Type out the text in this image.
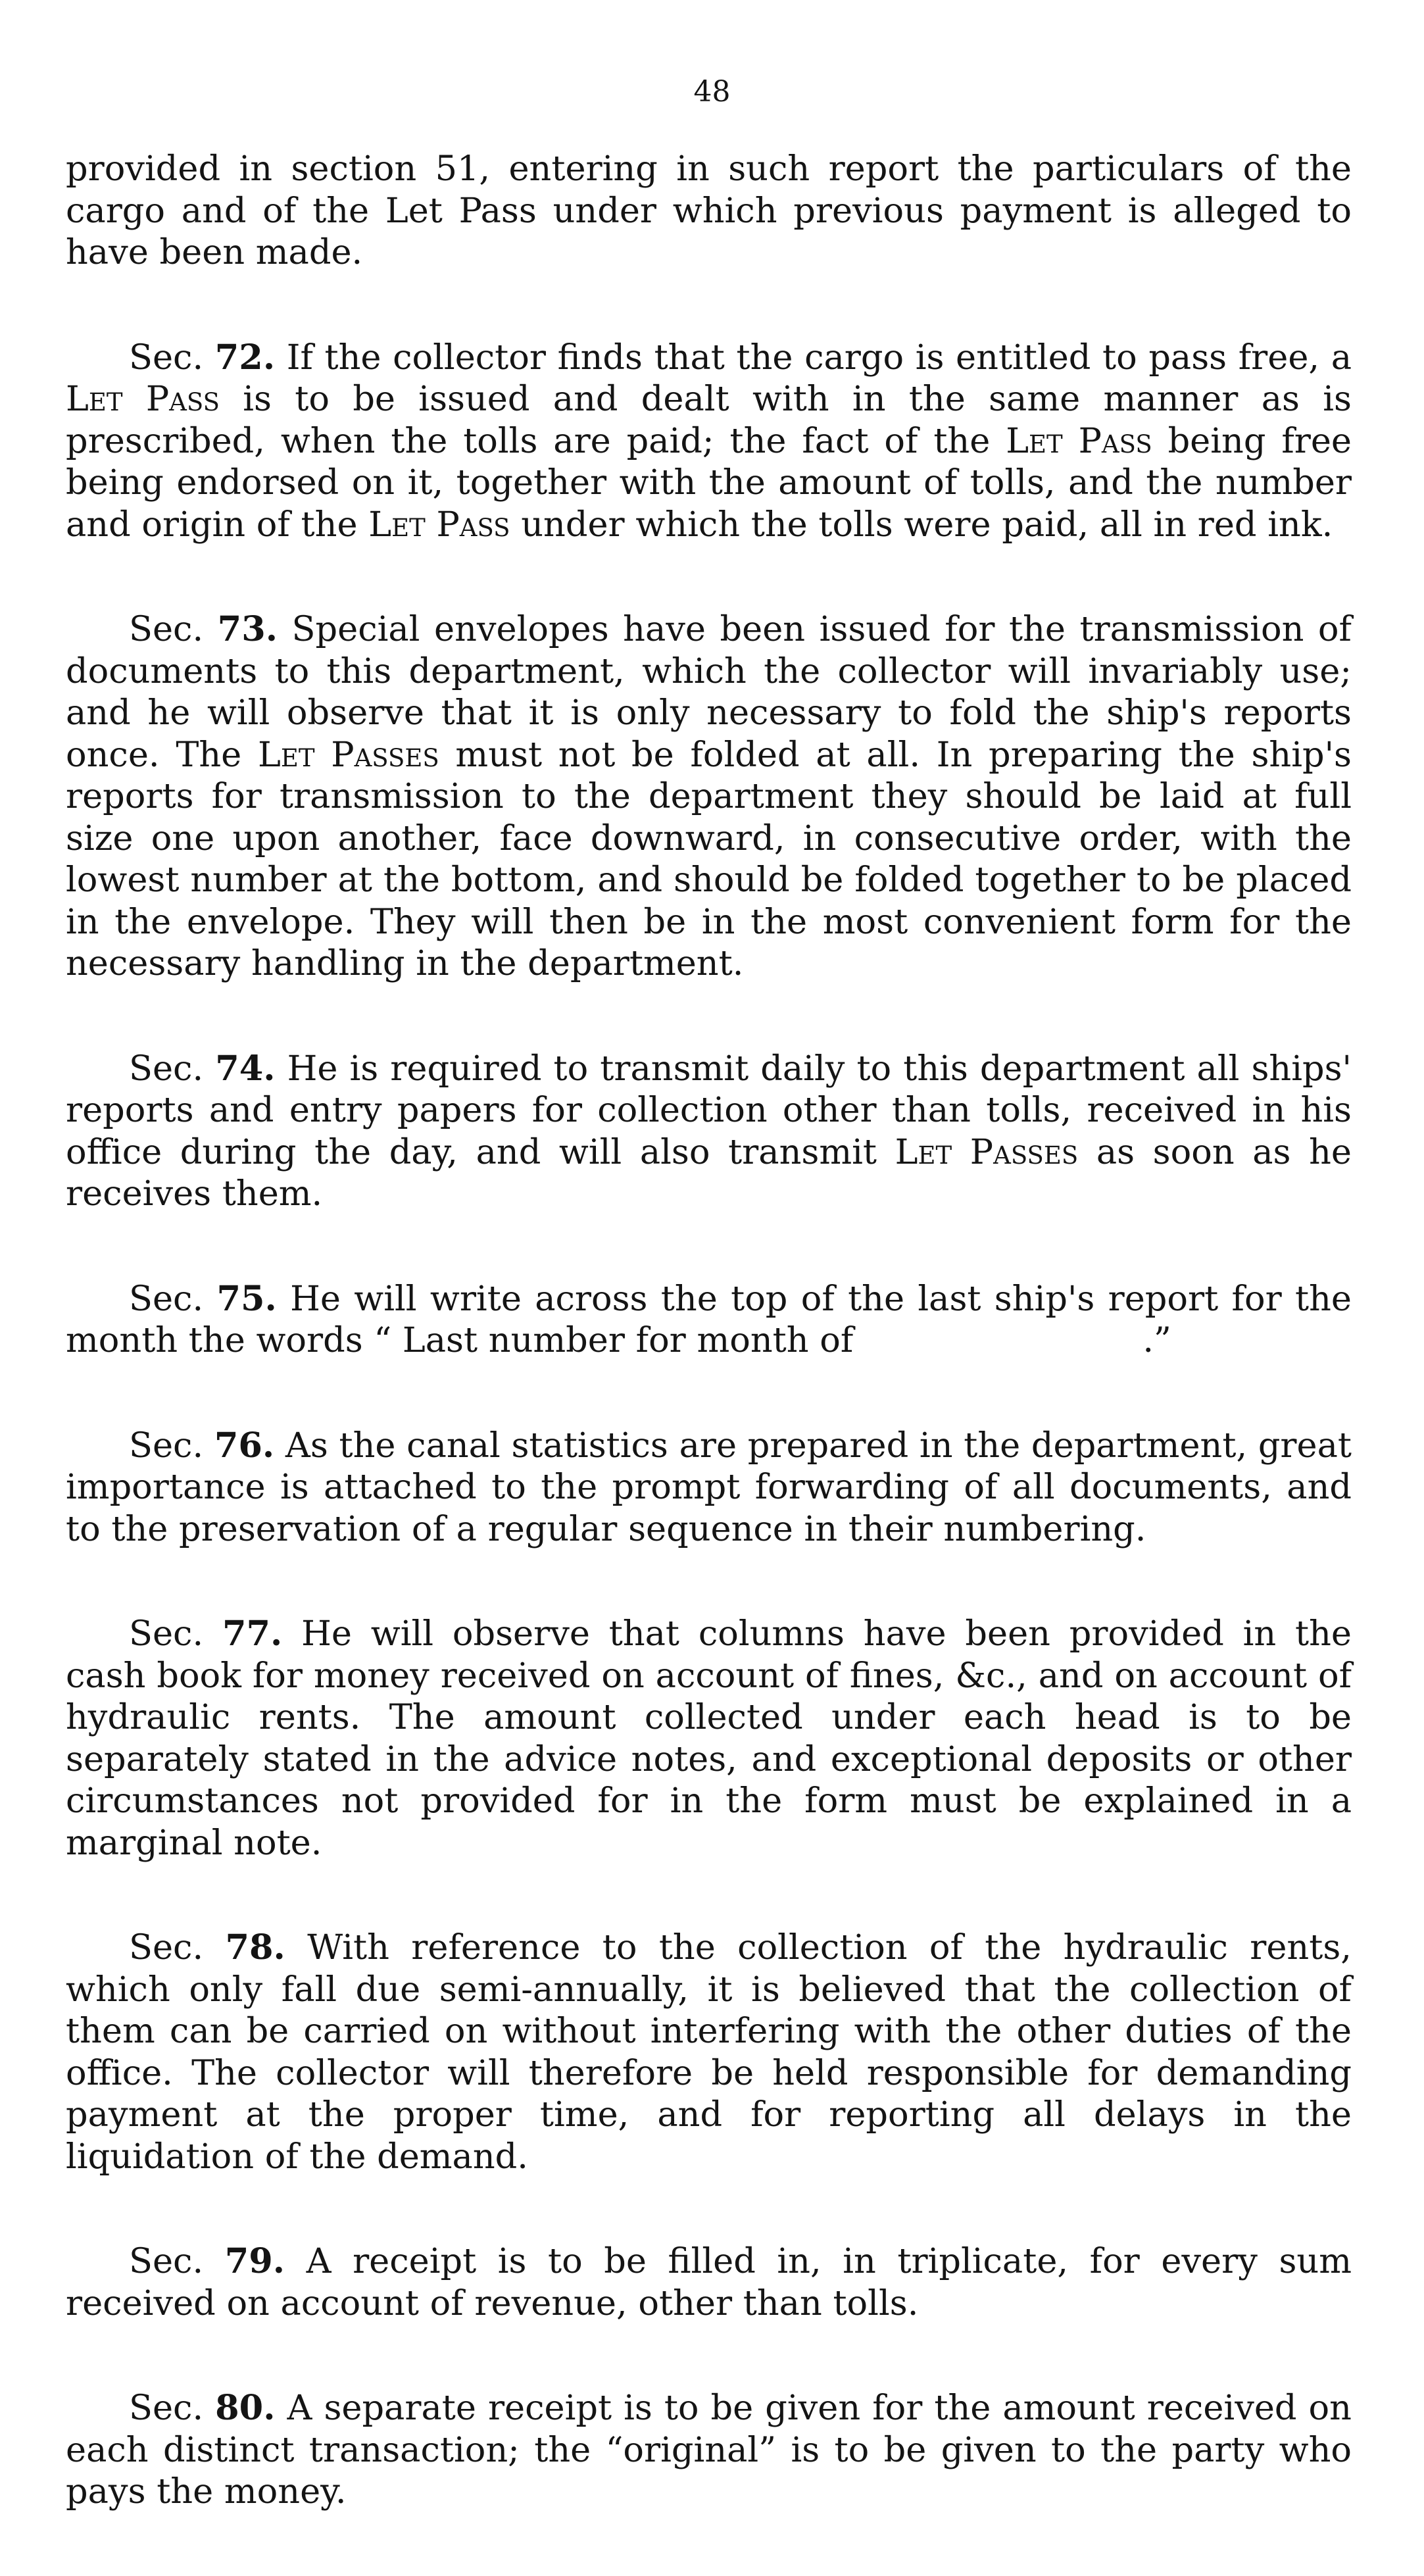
48

provided in section 51, entering in such report the particulars of the cargo and of the Let Pass under which previous payment is alleged to have been made.

Sec. 72. If the collector finds that the cargo is entitled to pass free, a Let Pass is to be issued and dealt with in the same manner as is prescribed, when the tolls are paid; the fact of the Let Pass being free being endorsed on it, together with the amount of tolls, and the number and origin of the Let Pass under which the tolls were paid, all in red ink.

Sec. 73. Special envelopes have been issued for the transmission of documents to this department, which the collector will invariably use; and he will observe that it is only necessary to fold the ship's reports once. The Let Passes must not be folded at all. In preparing the ship's reports for transmission to the department they should be laid at full size one upon another, face downward, in consecutive order, with the lowest number at the bottom, and should be folded together to be placed in the envelope. They will then be in the most convenient form for the necessary handling in the department.

Sec. 74. He is required to transmit daily to this department all ships' reports and entry papers for collection other than tolls, received in his office during the day, and will also transmit Let Passes as soon as he receives them.

Sec. 75. He will write across the top of the last ship's report for the month the words “ Last number for month of	.”

Sec. 76. As the canal statistics are prepared in the department, great importance is attached to the prompt forwarding of all documents, and to the preservation of a regular sequence in their numbering.

Sec. 77. He will observe that columns have been provided in the cash book for money received on account of fines, &c., and on account of hydraulic rents. The amount collected under each head is to be separately stated in the advice notes, and exceptional deposits or other circumstances not provided for in the form must be explained in a marginal note.

Sec. 78. With reference to the collection of the hydraulic rents, which only fall due semi-annually, it is believed that the collection of them can be carried on without interfering with the other duties of the office. The collector will therefore be held responsible for demanding payment at the proper time, and for reporting all delays in the liquidation of the demand.

Sec. 79. A receipt is to be filled in, in triplicate, for every sum received on account of revenue, other than tolls.

Sec. 80. A separate receipt is to be given for the amount received on each distinct transaction; the “original” is to be given to the party who pays the money.
